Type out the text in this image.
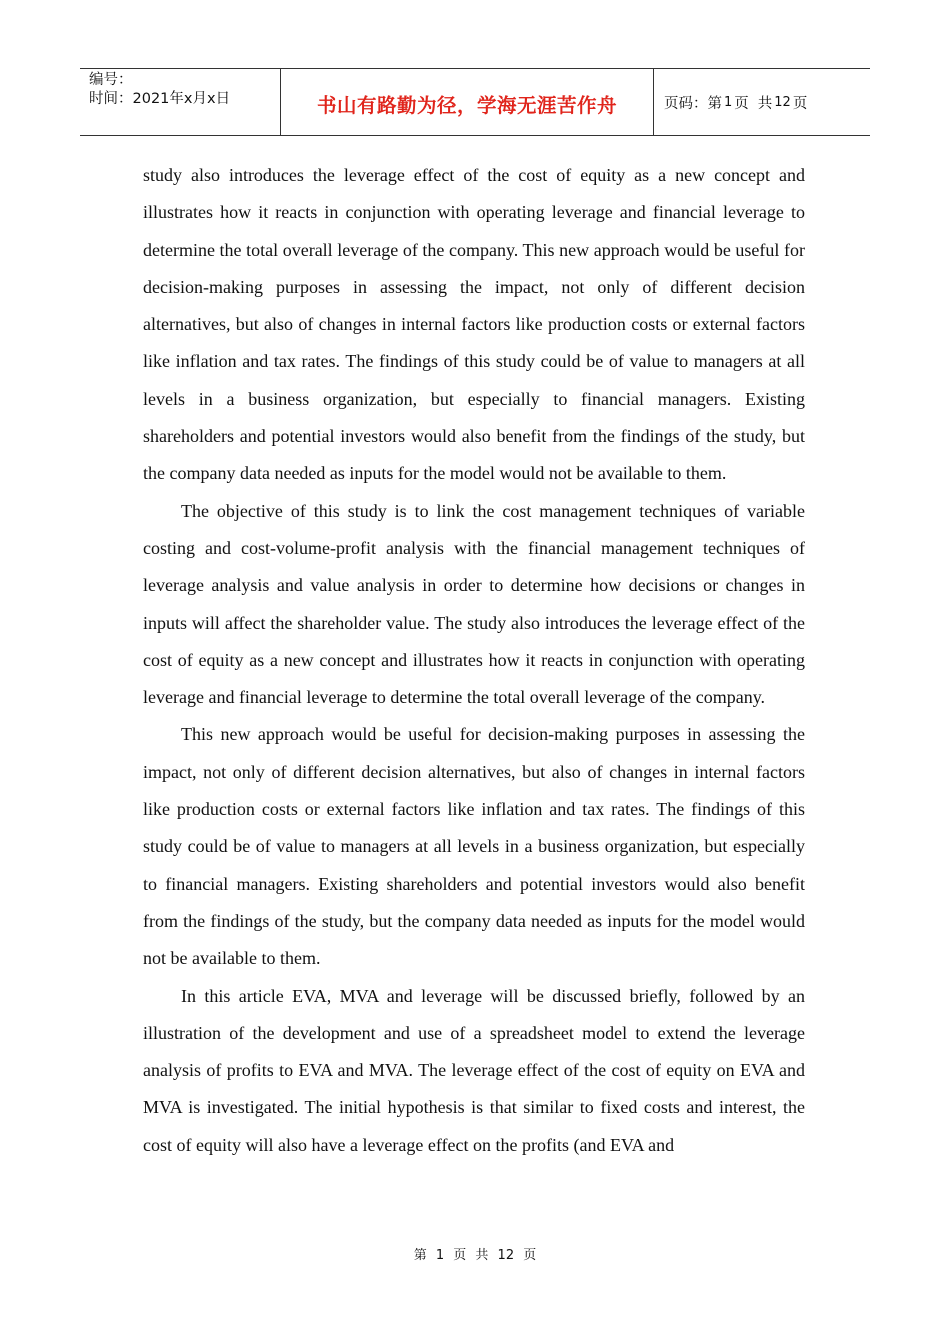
编号：
时间：2021年x月x日	书山有路勤为径，学海无涯苦作舟	页码：第 1 页 共 12 页

study also introduces the leverage effect of the cost of equity as a new concept and illustrates how it reacts in conjunction with operating leverage and financial leverage to determine the total overall leverage of the company. This new approach would be useful for decision-making purposes in assessing the impact, not only of different decision alternatives, but also of changes in internal factors like production costs or external factors like inflation and tax rates. The findings of this study could be of value to managers at all levels in a business organization, but especially to financial managers. Existing shareholders and potential investors would also benefit from the findings of the study, but the company data needed as inputs for the model would not be available to them.

The objective of this study is to link the cost management techniques of variable costing and cost-volume-profit analysis with the financial management techniques of leverage analysis and value analysis in order to determine how decisions or changes in inputs will affect the shareholder value. The study also introduces the leverage effect of the cost of equity as a new concept and illustrates how it reacts in conjunction with operating leverage and financial leverage to determine the total overall leverage of the company.

This new approach would be useful for decision-making purposes in assessing the impact, not only of different decision alternatives, but also of changes in internal factors like production costs or external factors like inflation and tax rates. The findings of this study could be of value to managers at all levels in a business organization, but especially to financial managers. Existing shareholders and potential investors would also benefit from the findings of the study, but the company data needed as inputs for the model would not be available to them.

In this article EVA, MVA and leverage will be discussed briefly, followed by an illustration of the development and use of a spreadsheet model to extend the leverage analysis of profits to EVA and MVA. The leverage effect of the cost of equity on EVA and MVA is investigated. The initial hypothesis is that similar to fixed costs and interest, the cost of equity will also have a leverage effect on the profits (and EVA and

第 1 页 共 12 页
